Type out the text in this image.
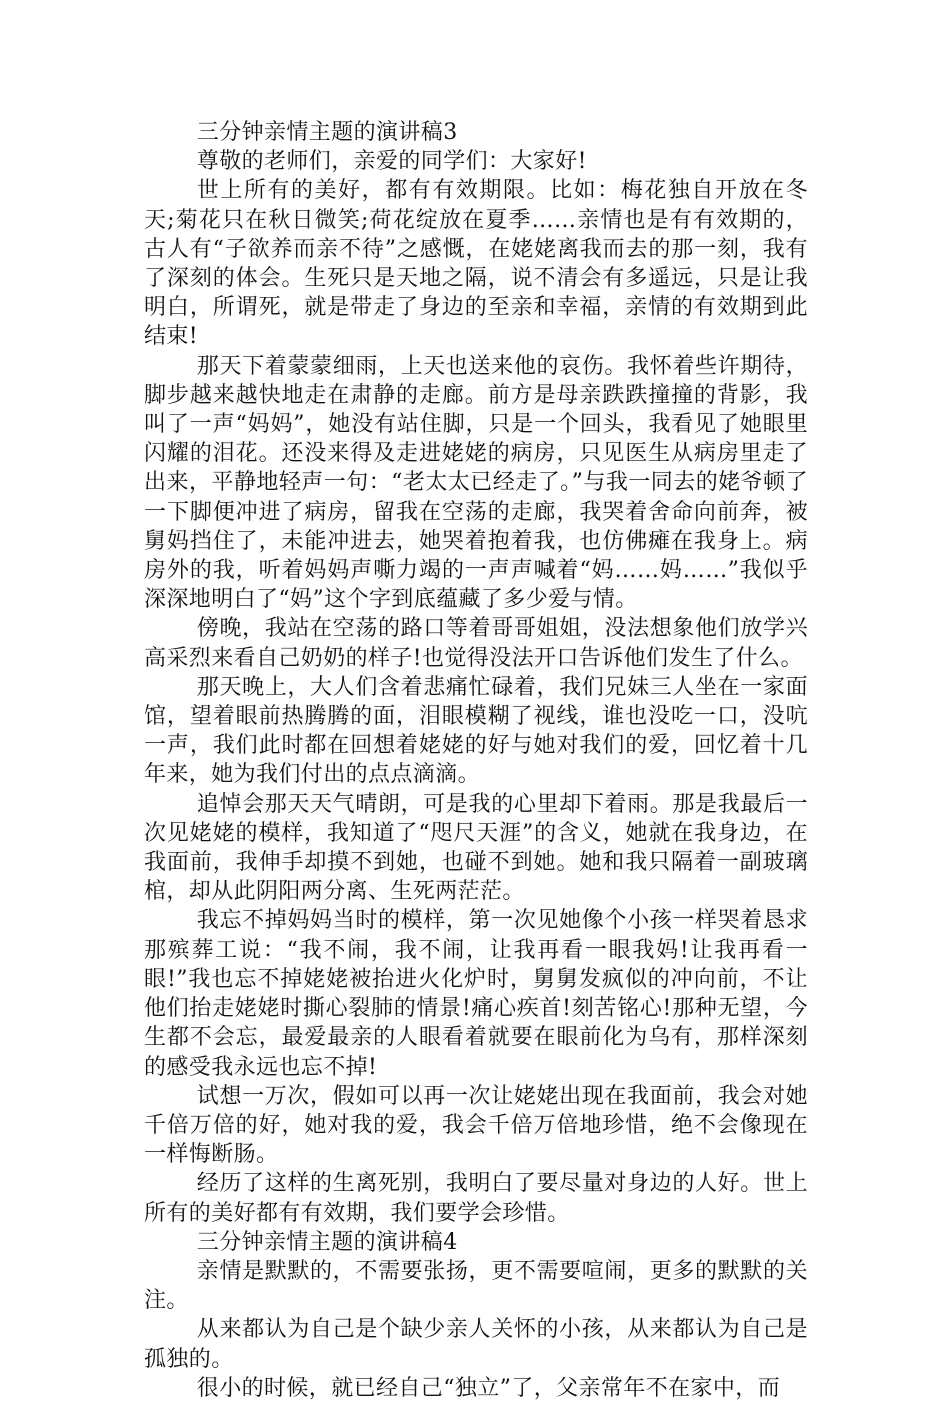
三分钟亲情主题的演讲稿3

尊敬的老师们，亲爱的同学们：大家好!

世上所有的美好，都有有效期限。比如：梅花独自开放在冬天;菊花只在秋日微笑;荷花绽放在夏季……亲情也是有有效期的，古人有“子欲养而亲不待”之感慨，在姥姥离我而去的那一刻，我有了深刻的体会。生死只是天地之隔，说不清会有多遥远，只是让我明白，所谓死，就是带走了身边的至亲和幸福，亲情的有效期到此结束!

那天下着蒙蒙细雨，上天也送来他的哀伤。我怀着些许期待，脚步越来越快地走在肃静的走廊。前方是母亲跌跌撞撞的背影，我叫了一声“妈妈”，她没有站住脚，只是一个回头，我看见了她眼里闪耀的泪花。还没来得及走进姥姥的病房，只见医生从病房里走了出来，平静地轻声一句：“老太太已经走了。”与我一同去的姥爷顿了一下脚便冲进了病房，留我在空荡的走廊，我哭着舍命向前奔，被舅妈挡住了，未能冲进去，她哭着抱着我，也仿佛瘫在我身上。病房外的我，听着妈妈声嘶力竭的一声声喊着“妈……妈……”我似乎深深地明白了“妈”这个字到底蕴藏了多少爱与情。

傍晚，我站在空荡的路口等着哥哥姐姐，没法想象他们放学兴高采烈来看自己奶奶的样子!也觉得没法开口告诉他们发生了什么。

那天晚上，大人们含着悲痛忙碌着，我们兄妹三人坐在一家面馆，望着眼前热腾腾的面，泪眼模糊了视线，谁也没吃一口，没吭一声，我们此时都在回想着姥姥的好与她对我们的爱，回忆着十几年来，她为我们付出的点点滴滴。

追悼会那天天气晴朗，可是我的心里却下着雨。那是我最后一次见姥姥的模样，我知道了“咫尺天涯”的含义，她就在我身边，在我面前，我伸手却摸不到她，也碰不到她。她和我只隔着一副玻璃棺，却从此阴阳两分离、生死两茫茫。

我忘不掉妈妈当时的模样，第一次见她像个小孩一样哭着恳求那殡葬工说：“我不闹，我不闹，让我再看一眼我妈!让我再看一眼!”我也忘不掉姥姥被抬进火化炉时，舅舅发疯似的冲向前，不让他们抬走姥姥时撕心裂肺的情景!痛心疾首!刻苦铭心!那种无望，今生都不会忘，最爱最亲的人眼看着就要在眼前化为乌有，那样深刻的感受我永远也忘不掉!

试想一万次，假如可以再一次让姥姥出现在我面前，我会对她千倍万倍的好，她对我的爱，我会千倍万倍地珍惜，绝不会像现在一样悔断肠。

经历了这样的生离死别，我明白了要尽量对身边的人好。世上所有的美好都有有效期，我们要学会珍惜。

三分钟亲情主题的演讲稿4

亲情是默默的，不需要张扬，更不需要喧闹，更多的默默的关注。

从来都认为自己是个缺少亲人关怀的小孩，从来都认为自己是孤独的。

很小的时候，就已经自己“独立”了，父亲常年不在家中，而
